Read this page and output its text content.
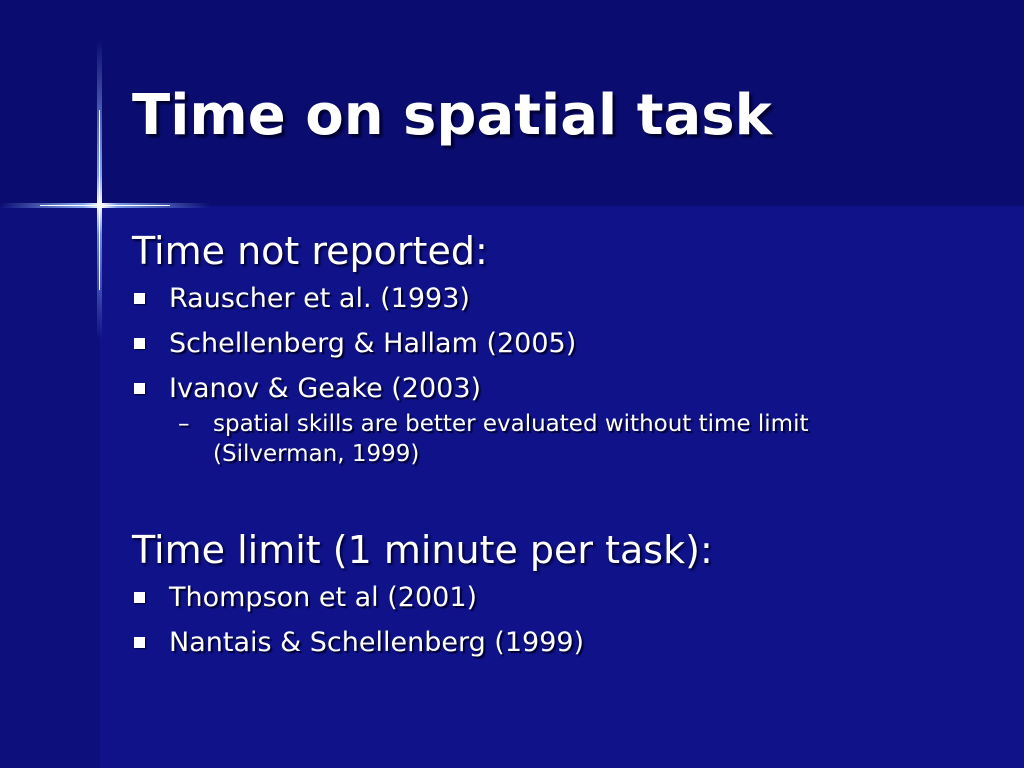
Time on spatial task
Time not reported:
Rauscher et al. (1993)
Schellenberg & Hallam (2005)
Ivanov & Geake (2003)
– spatial skills are better evaluated without time limit
(Silverman, 1999)
Time limit (1 minute per task):
Thompson et al (2001)
Nantais & Schellenberg (1999)
